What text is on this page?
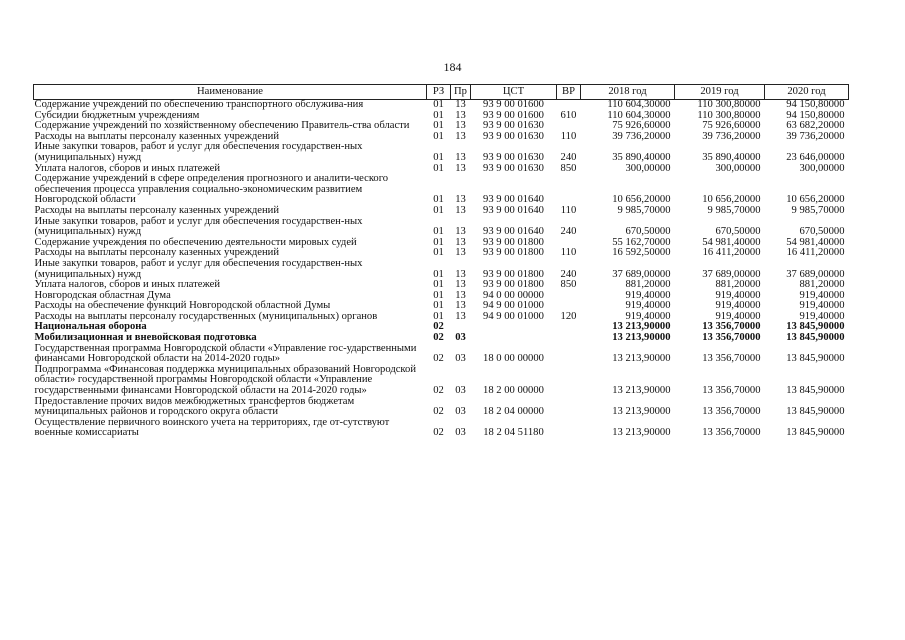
184
Наименование	РЗ	Пр	ЦСТ	ВР	2018 год	2019 год	2020 год
Содержание учреждений по обеспечению транспортного обслужива-ния	01	13	93 9 00 01600		110 604,30000	110 300,80000	94 150,80000
Субсидии бюджетным учреждениям	01	13	93 9 00 01600	610	110 604,30000	110 300,80000	94 150,80000
Содержание учреждений по хозяйственному обеспечению Правитель-ства области	01	13	93 9 00 01630		75 926,60000	75 926,60000	63 682,20000
Расходы на выплаты персоналу казенных учреждений	01	13	93 9 00 01630	110	39 736,20000	39 736,20000	39 736,20000
Иные закупки товаров, работ и услуг для обеспечения государствен-ных (муниципальных) нужд	01	13	93 9 00 01630	240	35 890,40000	35 890,40000	23 646,00000
Уплата налогов, сборов и иных платежей	01	13	93 9 00 01630	850	300,00000	300,00000	300,00000
Содержание учреждений в сфере определения прогнозного и аналити-ческого обеспечения процесса управления социально-экономическим развитием Новгородской области	01	13	93 9 00 01640		10 656,20000	10 656,20000	10 656,20000
Расходы на выплаты персоналу казенных учреждений	01	13	93 9 00 01640	110	9 985,70000	9 985,70000	9 985,70000
Иные закупки товаров, работ и услуг для обеспечения государствен-ных (муниципальных) нужд	01	13	93 9 00 01640	240	670,50000	670,50000	670,50000
Содержание учреждения по обеспечению деятельности мировых судей	01	13	93 9 00 01800		55 162,70000	54 981,40000	54 981,40000
Расходы на выплаты персоналу казенных учреждений	01	13	93 9 00 01800	110	16 592,50000	16 411,20000	16 411,20000
Иные закупки товаров, работ и услуг для обеспечения государствен-ных (муниципальных) нужд	01	13	93 9 00 01800	240	37 689,00000	37 689,00000	37 689,00000
Уплата налогов, сборов и иных платежей	01	13	93 9 00 01800	850	881,20000	881,20000	881,20000
Новгородская областная Дума	01	13	94 0 00 00000		919,40000	919,40000	919,40000
Расходы на обеспечение функций Новгородской областной Думы	01	13	94 9 00 01000		919,40000	919,40000	919,40000
Расходы на выплаты персоналу государственных (муниципальных) органов	01	13	94 9 00 01000	120	919,40000	919,40000	919,40000
Национальная оборона	02				13 213,90000	13 356,70000	13 845,90000
Мобилизационная и вневойсковая подготовка	02	03			13 213,90000	13 356,70000	13 845,90000
Государственная программа Новгородской области «Управление гос-ударственными финансами Новгородской области на 2014-2020 годы»	02	03	18 0 00 00000		13 213,90000	13 356,70000	13 845,90000
Подпрограмма «Финансовая поддержка муниципальных образований Новгородской области» государственной программы Новгородской области «Управление государственными финансами Новгородской области на 2014-2020 годы»	02	03	18 2 00 00000		13 213,90000	13 356,70000	13 845,90000
Предоставление прочих видов межбюджетных трансфертов бюджетам муниципальных районов и городского округа области	02	03	18 2 04 00000		13 213,90000	13 356,70000	13 845,90000
Осуществление первичного воинского учета на территориях, где от-сутствуют военные комиссариаты	02	03	18 2 04 51180		13 213,90000	13 356,70000	13 845,90000
